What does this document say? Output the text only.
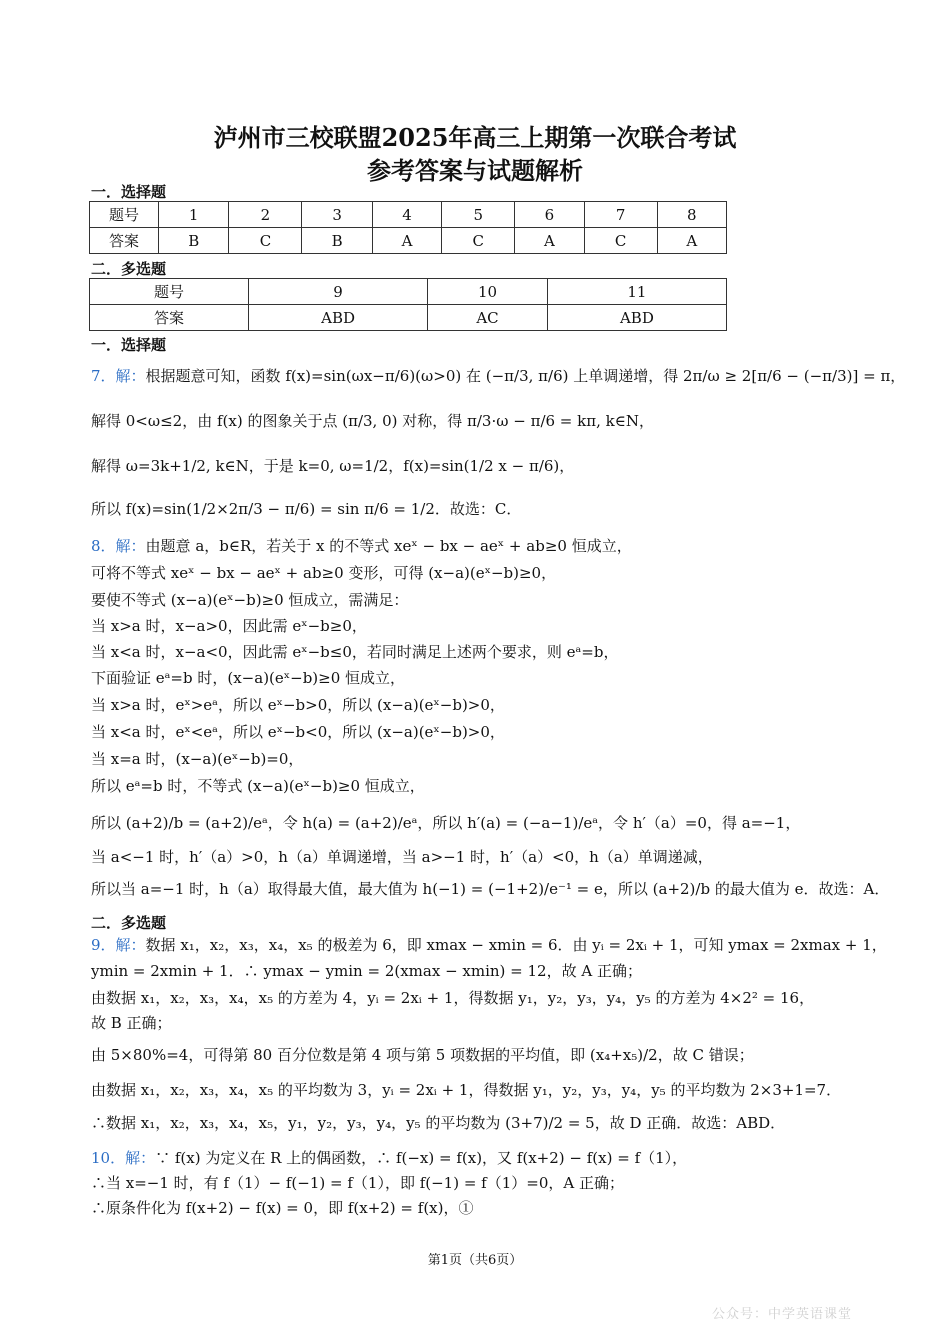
泸州市三校联盟2025年高三上期第一次联合考试
参考答案与试题解析
一．选择题
题号	1	2	3	4	5	6	7	8
答案	B	C	B	A	C	A	C	A
二．多选题
题号	9	10	11
答案	ABD	AC	ABD
一．选择题
7．解：根据题意可知，函数 f(x)=sin(ωx−π/6)(ω>0) 在 (−π/3, π/6) 上单调递增，得 2π/ω ≥ 2[π/6 − (−π/3)] = π，
解得 0<ω≤2，由 f(x) 的图象关于点 (π/3, 0) 对称，得 π/3·ω − π/6 = kπ, k∈N，
解得 ω=3k+1/2, k∈N，于是 k=0, ω=1/2，f(x)=sin(1/2 x − π/6)，
所以 f(x)=sin(1/2×2π/3 − π/6) = sin π/6 = 1/2．故选：C．
8．解：由题意 a，b∈R，若关于 x 的不等式 xeˣ − bx − aeˣ + ab≥0 恒成立，
可将不等式 xeˣ − bx − aeˣ + ab≥0 变形，可得 (x−a)(eˣ−b)≥0，
要使不等式 (x−a)(eˣ−b)≥0 恒成立，需满足：
当 x>a 时，x−a>0，因此需 eˣ−b≥0，
当 x<a 时，x−a<0，因此需 eˣ−b≤0，若同时满足上述两个要求，则 eᵃ=b，
下面验证 eᵃ=b 时，(x−a)(eˣ−b)≥0 恒成立，
当 x>a 时，eˣ>eᵃ，所以 eˣ−b>0，所以 (x−a)(eˣ−b)>0，
当 x<a 时，eˣ<eᵃ，所以 eˣ−b<0，所以 (x−a)(eˣ−b)>0，
当 x=a 时，(x−a)(eˣ−b)=0，
所以 eᵃ=b 时，不等式 (x−a)(eˣ−b)≥0 恒成立，
所以 (a+2)/b = (a+2)/eᵃ，令 h(a) = (a+2)/eᵃ，所以 h′(a) = (−a−1)/eᵃ，令 h′（a）=0，得 a=−1，
当 a<−1 时，h′（a）>0，h（a）单调递增，当 a>−1 时，h′（a）<0，h（a）单调递减，
所以当 a=−1 时，h（a）取得最大值，最大值为 h(−1) = (−1+2)/e⁻¹ = e，所以 (a+2)/b 的最大值为 e．故选：A．
二．多选题
9．解：数据 x₁，x₂，x₃，x₄，x₅ 的极差为 6，即 xmax − xmin = 6．由 yᵢ = 2xᵢ + 1，可知 ymax = 2xmax + 1，
ymin = 2xmin + 1．∴ ymax − ymin = 2(xmax − xmin) = 12，故 A 正确；
由数据 x₁，x₂，x₃，x₄，x₅ 的方差为 4，yᵢ = 2xᵢ + 1，得数据 y₁，y₂，y₃，y₄，y₅ 的方差为 4×2² = 16，
故 B 正确；
由 5×80%=4，可得第 80 百分位数是第 4 项与第 5 项数据的平均值，即 (x₄+x₅)/2，故 C 错误；
由数据 x₁，x₂，x₃，x₄，x₅ 的平均数为 3，yᵢ = 2xᵢ + 1，得数据 y₁，y₂，y₃，y₄，y₅ 的平均数为 2×3+1=7．
∴数据 x₁，x₂，x₃，x₄，x₅，y₁，y₂，y₃，y₄，y₅ 的平均数为 (3+7)/2 = 5，故 D 正确．故选：ABD．
10．解：∵ f(x) 为定义在 R 上的偶函数，∴ f(−x) = f(x)，又 f(x+2) − f(x) = f（1），
∴当 x=−1 时，有 f（1）− f(−1) = f（1），即 f(−1) = f（1）=0，A 正确；
∴原条件化为 f(x+2) − f(x) = 0，即 f(x+2) = f(x)，①
第1页（共6页）
公众号：中学英语课堂
